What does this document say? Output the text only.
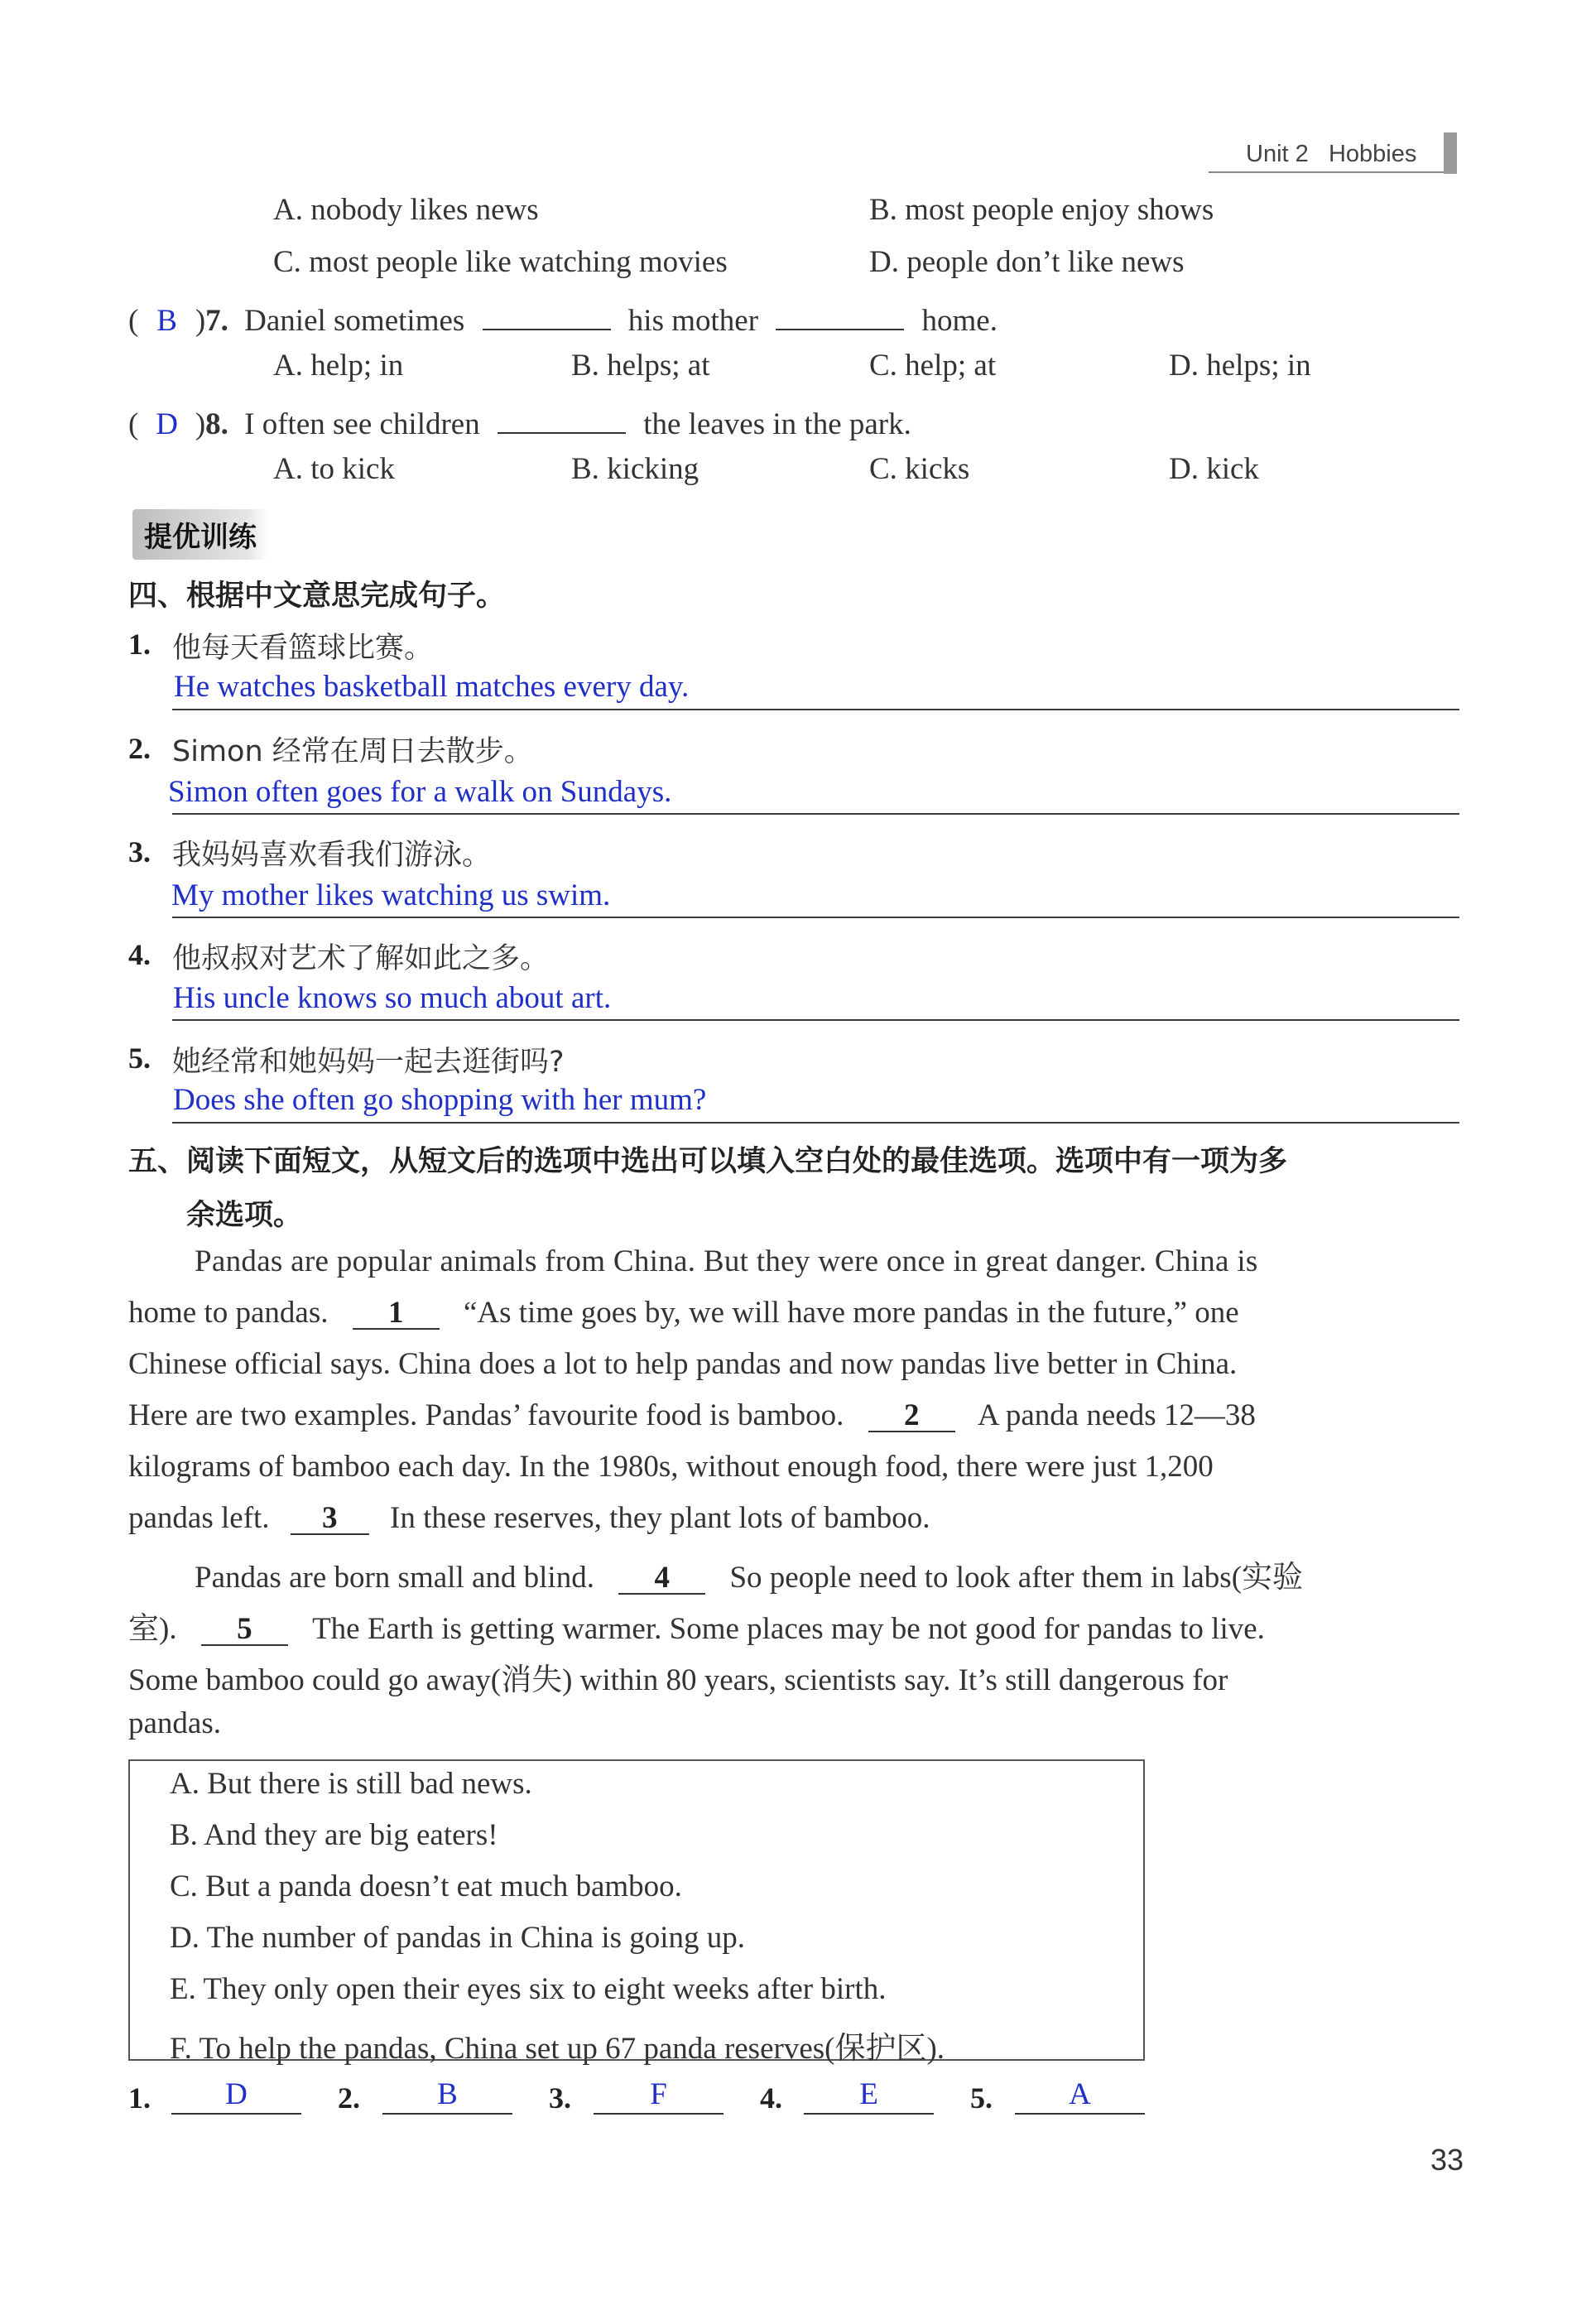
Unit 2 Hobbies
A. nobody likes news	B. most people enjoy shows
C. most people like watching movies	D. people don’t like news
( B )7. Daniel sometimes	his mother	home.
A. help; in	B. helps; at	C. help; at	D. helps; in
( D )8. I often see children	the leaves in the park.
A. to kick	B. kicking	C. kicks	D. kick
提优训练
四、根据中文意思完成句子。
1. 他每天看篮球比赛。
He watches basketball matches every day.
2. Simon 经常在周日去散步。
Simon often goes for a walk on Sundays.
3. 我妈妈喜欢看我们游泳。
My mother likes watching us swim.
4. 他叔叔对艺术了解如此之多。
His uncle knows so much about art.
5. 她经常和她妈妈一起去逛街吗?
Does she often go shopping with her mum?
五、阅读下面短文，从短文后的选项中选出可以填入空白处的最佳选项。选项中有一项为多
余选项。
Pandas are popular animals from China. But they were once in great danger. China is
home to pandas. 1 “As time goes by, we will have more pandas in the future,” one
Chinese official says. China does a lot to help pandas and now pandas live better in China.
Here are two examples. Pandas’ favourite food is bamboo. 2 A panda needs 12—38
kilograms of bamboo each day. In the 1980s, without enough food, there were just 1,200
pandas left. 3 In these reserves, they plant lots of bamboo.
Pandas are born small and blind. 4 So people need to look after them in labs(实验
室). 5 The Earth is getting warmer. Some places may be not good for pandas to live.
Some bamboo could go away(消失) within 80 years, scientists say. It’s still dangerous for
pandas.
A. But there is still bad news.
B. And they are big eaters!
C. But a panda doesn’t eat much bamboo.
D. The number of pandas in China is going up.
E. They only open their eyes six to eight weeks after birth.
F. To help the pandas, China set up 67 panda reserves(保护区).
1.	D	2.	B	3.	F	4.	E	5.	A
33
